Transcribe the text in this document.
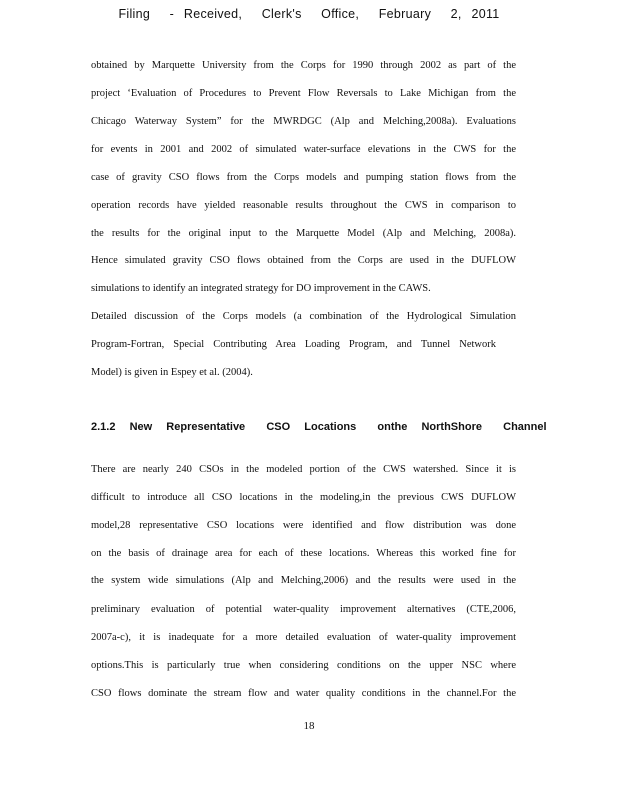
Filing  - Received,  Clerk's  Office,  February  2, 2011
obtained by Marquette University from the Corps for 1990 through 2002 as part of the
project ‘Evaluation of Procedures to Prevent Flow Reversals to Lake Michigan from the
Chicago Waterway System” for the MWRDGC (Alp and Melching,2008a). Evaluations
for events in 2001 and 2002 of simulated water-surface elevations in the CWS for the
case of gravity CSO flows from the Corps models and pumping station flows from the
operation records have yielded reasonable results throughout the CWS in comparison to
the results for the original input to the Marquette Model (Alp and Melching, 2008a).
Hence simulated gravity CSO flows obtained from the Corps are used in the DUFLOW
simulations to identify an integrated strategy for DO improvement in the CAWS.
Detailed discussion of the Corps models (a combination of the Hydrological Simulation
Program-Fortran, Special Contributing Area Loading Program, and Tunnel Network
Model) is given in Espey et al. (2004).
2.1.2  New  Representative   CSO  Locations   onthe  NorthShore   Channel
There are nearly 240 CSOs in the modeled portion of the CWS watershed. Since it is
difficult to introduce all CSO locations in the modeling,in the previous CWS DUFLOW
model,28 representative CSO locations were identified and flow distribution was done
on the basis of drainage area for each of these locations. Whereas this worked fine for
the system wide simulations (Alp and Melching,2006) and the results were used in the
preliminary evaluation of potential water-quality improvement alternatives (CTE,2006,
2007a-c), it is inadequate for a more detailed evaluation of water-quality improvement
options.This is particularly true when considering conditions on the upper NSC where
CSO flows dominate the stream flow and water quality conditions in the channel.For the
18
